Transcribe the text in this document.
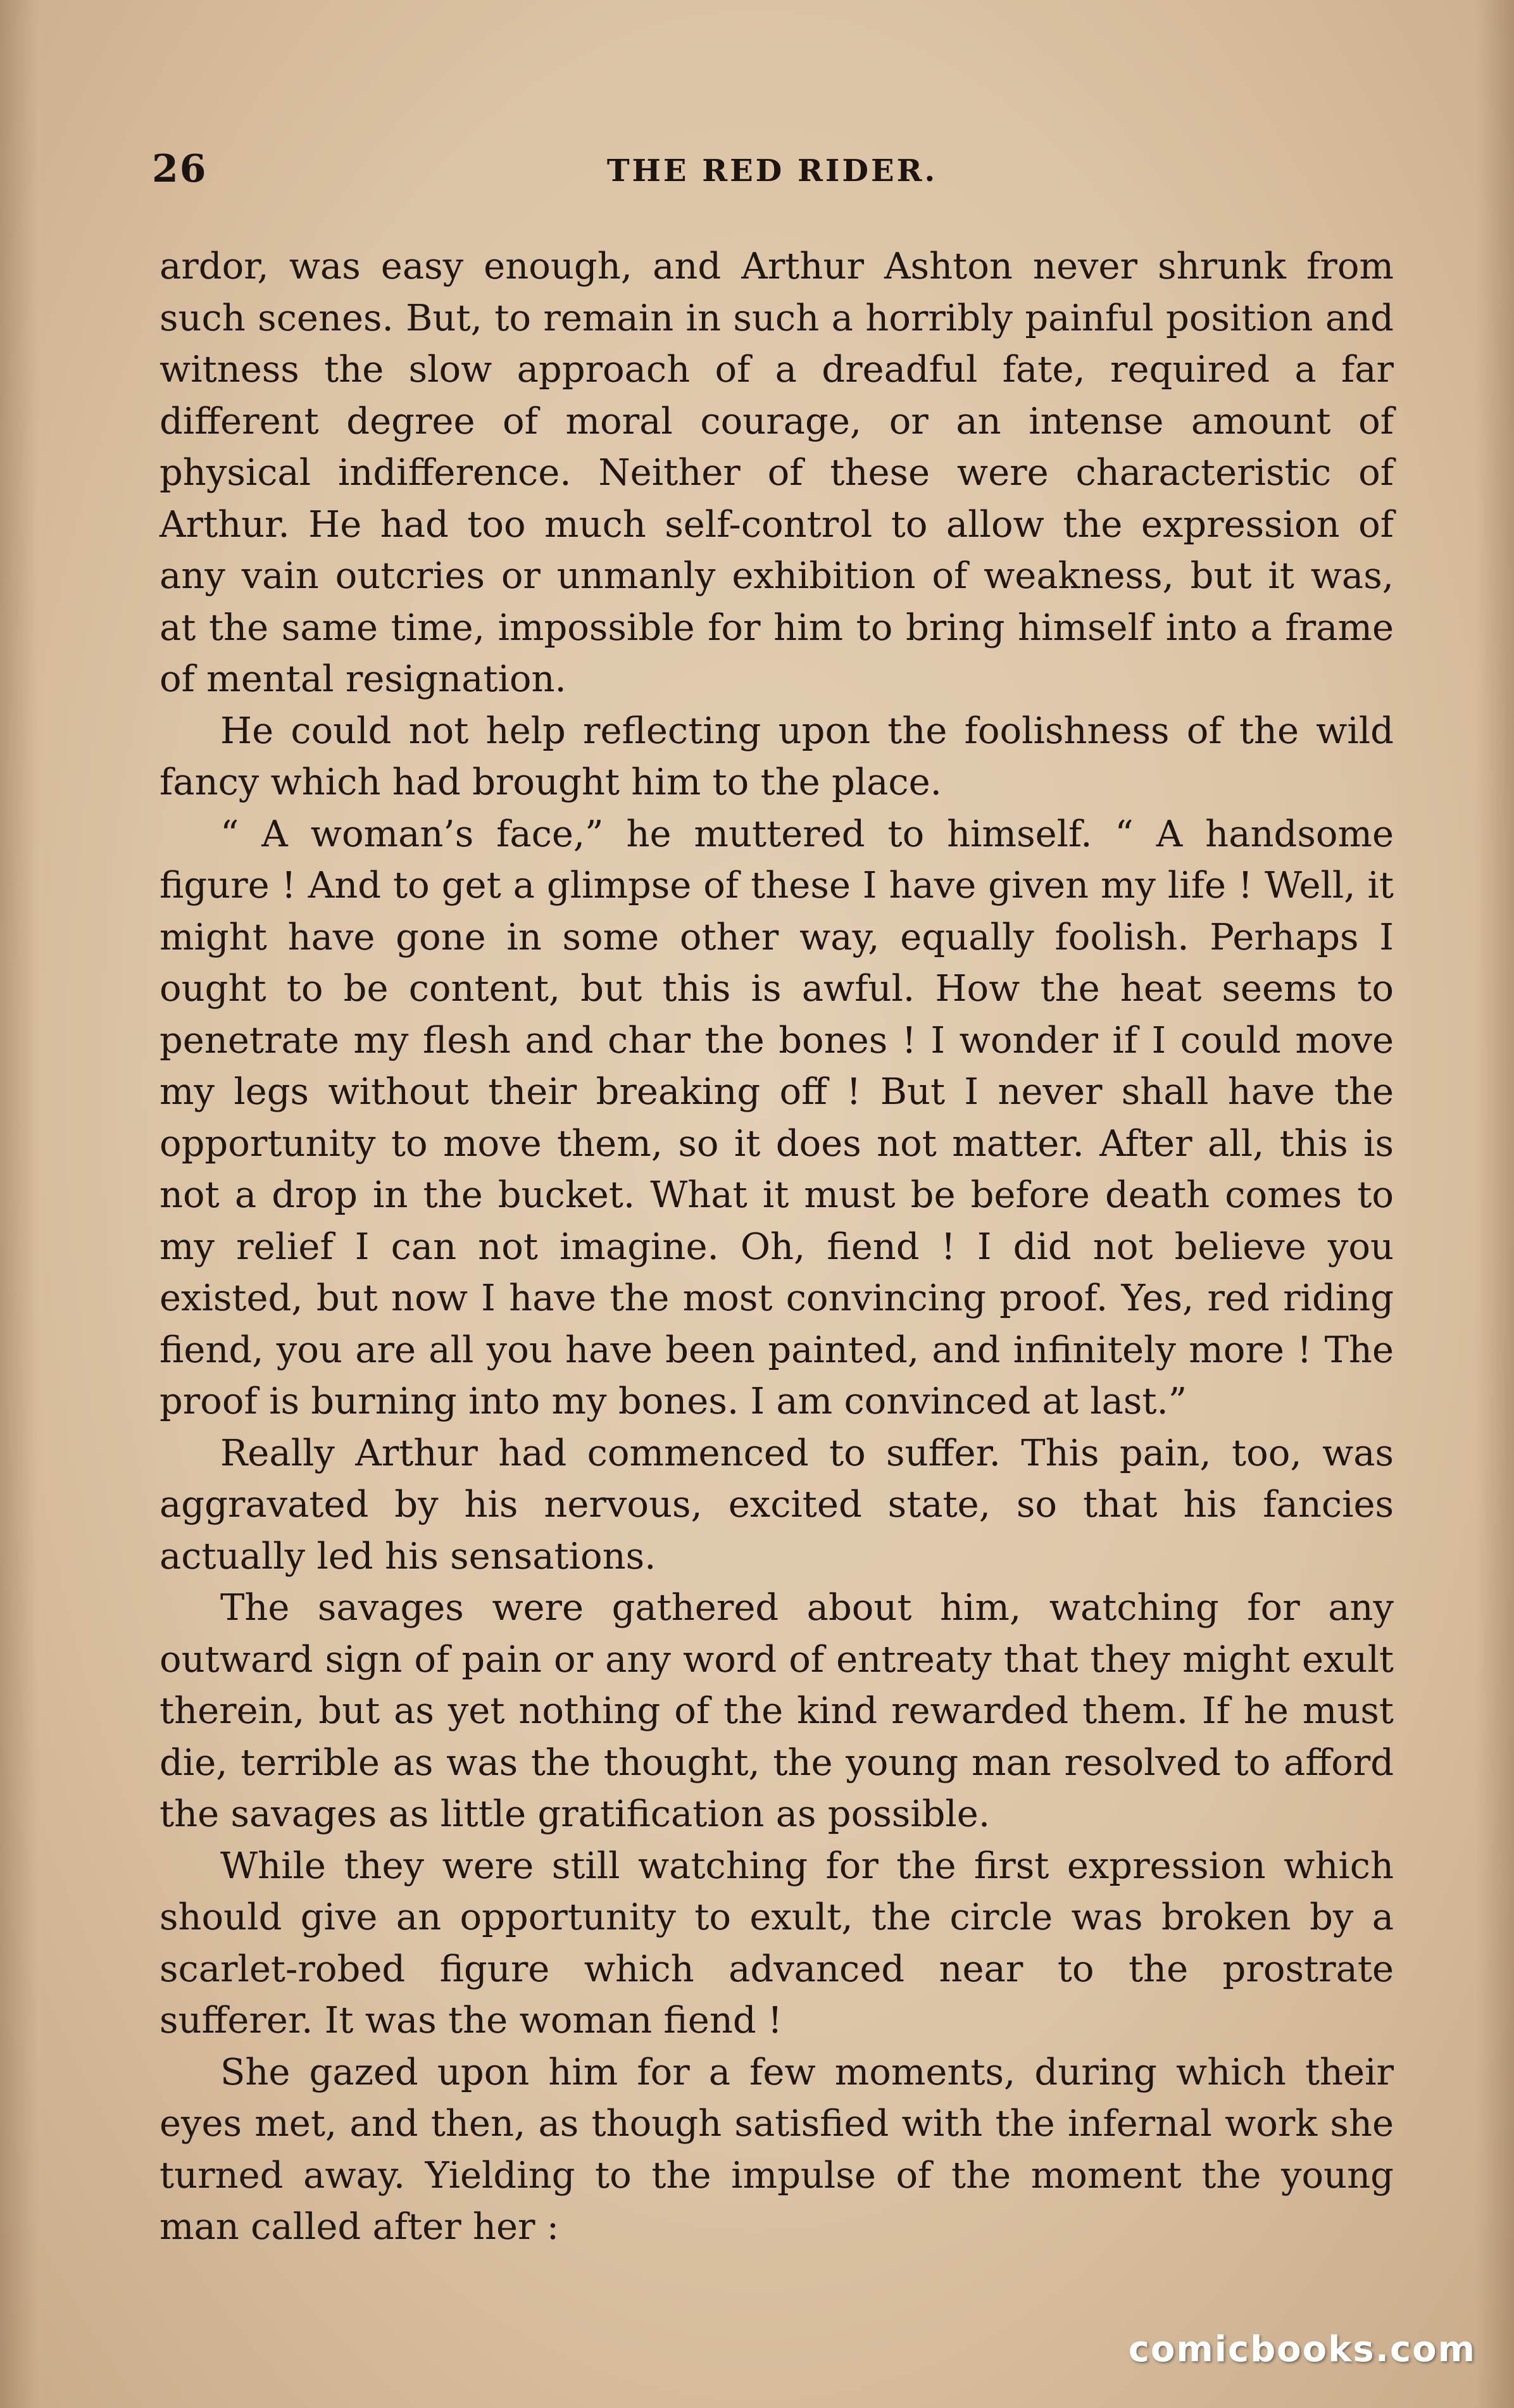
26	THE RED RIDER.

ardor, was easy enough, and Arthur Ashton never shrunk from such scenes. But, to remain in such a horribly painful position and witness the slow approach of a dreadful fate, required a far different degree of moral courage, or an intense amount of physical indifference. Neither of these were characteristic of Arthur. He had too much self-control to allow the expression of any vain outcries or unmanly exhibition of weakness, but it was, at the same time, impossible for him to bring himself into a frame of mental resignation.

He could not help reflecting upon the foolishness of the wild fancy which had brought him to the place.

“ A woman’s face,” he muttered to himself. “ A handsome figure ! And to get a glimpse of these I have given my life ! Well, it might have gone in some other way, equally foolish. Perhaps I ought to be content, but this is awful. How the heat seems to penetrate my flesh and char the bones ! I wonder if I could move my legs without their breaking off ! But I never shall have the opportunity to move them, so it does not matter. After all, this is not a drop in the bucket. What it must be before death comes to my relief I can not imagine. Oh, fiend ! I did not believe you existed, but now I have the most convincing proof. Yes, red riding fiend, you are all you have been painted, and infinitely more ! The proof is burning into my bones. I am convinced at last.”

Really Arthur had commenced to suffer. This pain, too, was aggravated by his nervous, excited state, so that his fancies actually led his sensations.

The savages were gathered about him, watching for any outward sign of pain or any word of entreaty that they might exult therein, but as yet nothing of the kind rewarded them. If he must die, terrible as was the thought, the young man resolved to afford the savages as little gratification as possible.

While they were still watching for the first expression which should give an opportunity to exult, the circle was broken by a scarlet-robed figure which advanced near to the prostrate sufferer. It was the woman fiend !

She gazed upon him for a few moments, during which their eyes met, and then, as though satisfied with the infernal work she turned away. Yielding to the impulse of the moment the young man called after her :

comicbooks.com
